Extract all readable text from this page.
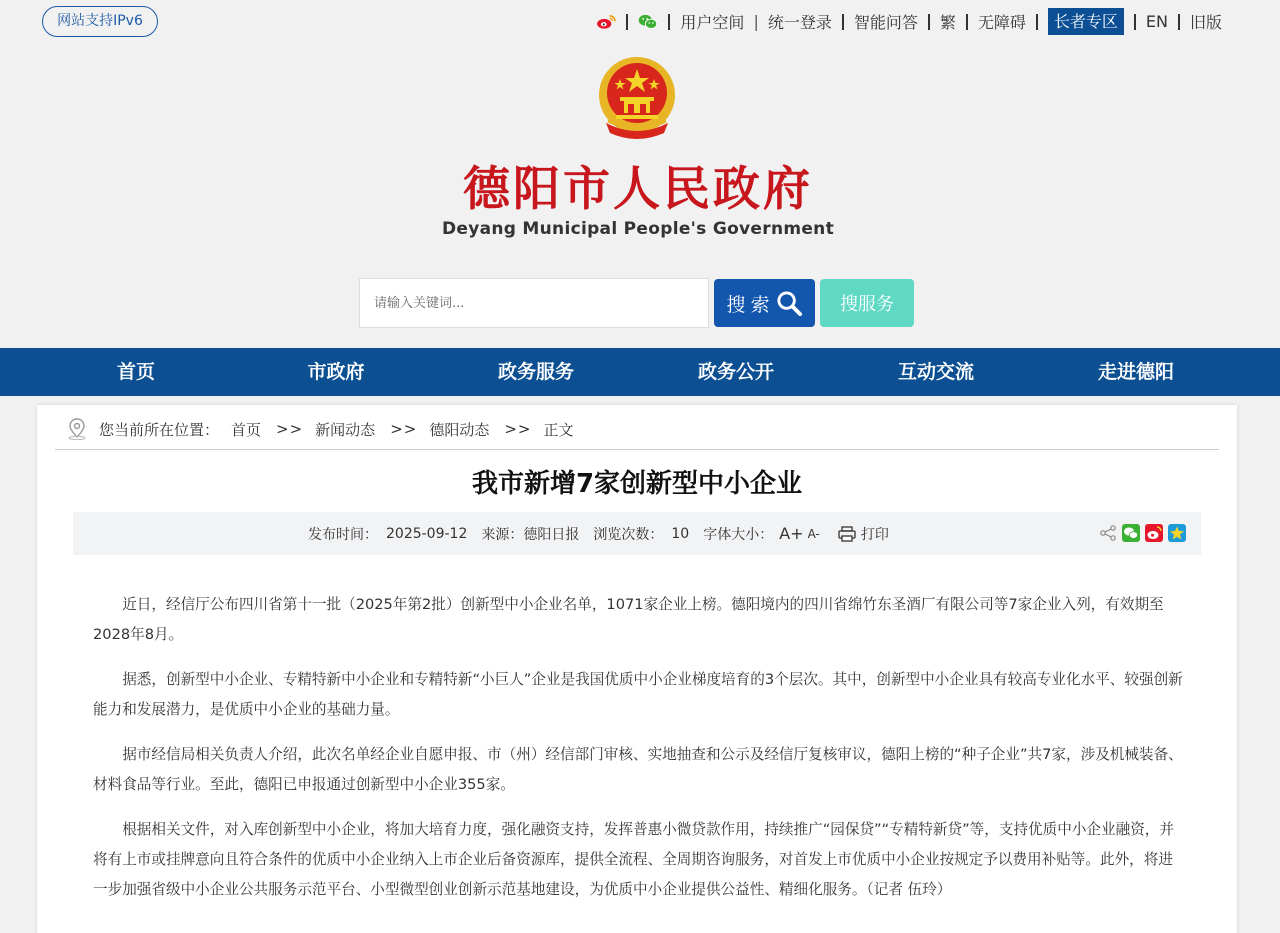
网站支持IPv6	用户空间 | 统一登录 智能问答 繁 无障碍	长者专区	EN 旧版
德阳市人民政府
Deyang Municipal People's Government
请输入关键词...
搜 索	搜服务
首页	市政府	政务服务	政务公开	互动交流	走进德阳
您当前所在位置： 首页 >> 新闻动态 >> 德阳动态 >> 正文
我市新增7家创新型中小企业
发布时间： 2025-09-12 来源： 德阳日报 浏览次数： 10 字体大小： A+ A-	打印

近日，经信厅公布四川省第十一批（2025年第2批）创新型中小企业名单，1071家企业上榜。德阳境内的四川省绵竹东圣酒厂有限公司等7家企业入列，有效期至2028年8月。

据悉，创新型中小企业、专精特新中小企业和专精特新“小巨人”企业是我国优质中小企业梯度培育的3个层次。其中，创新型中小企业具有较高专业化水平、较强创新能力和发展潜力，是优质中小企业的基础力量。

据市经信局相关负责人介绍，此次名单经企业自愿申报、市（州）经信部门审核、实地抽查和公示及经信厅复核审议，德阳上榜的“种子企业”共7家，涉及机械装备、材料食品等行业。至此，德阳已申报通过创新型中小企业355家。

根据相关文件，对入库创新型中小企业，将加大培育力度，强化融资支持，发挥普惠小微贷款作用，持续推广“园保贷”“专精特新贷”等，支持优质中小企业融资，并将有上市或挂牌意向且符合条件的优质中小企业纳入上市企业后备资源库，提供全流程、全周期咨询服务，对首发上市优质中小企业按规定予以费用补贴等。此外，将进一步加强省级中小企业公共服务示范平台、小型微型创业创新示范基地建设，为优质中小企业提供公益性、精细化服务。（记者 伍玲）
